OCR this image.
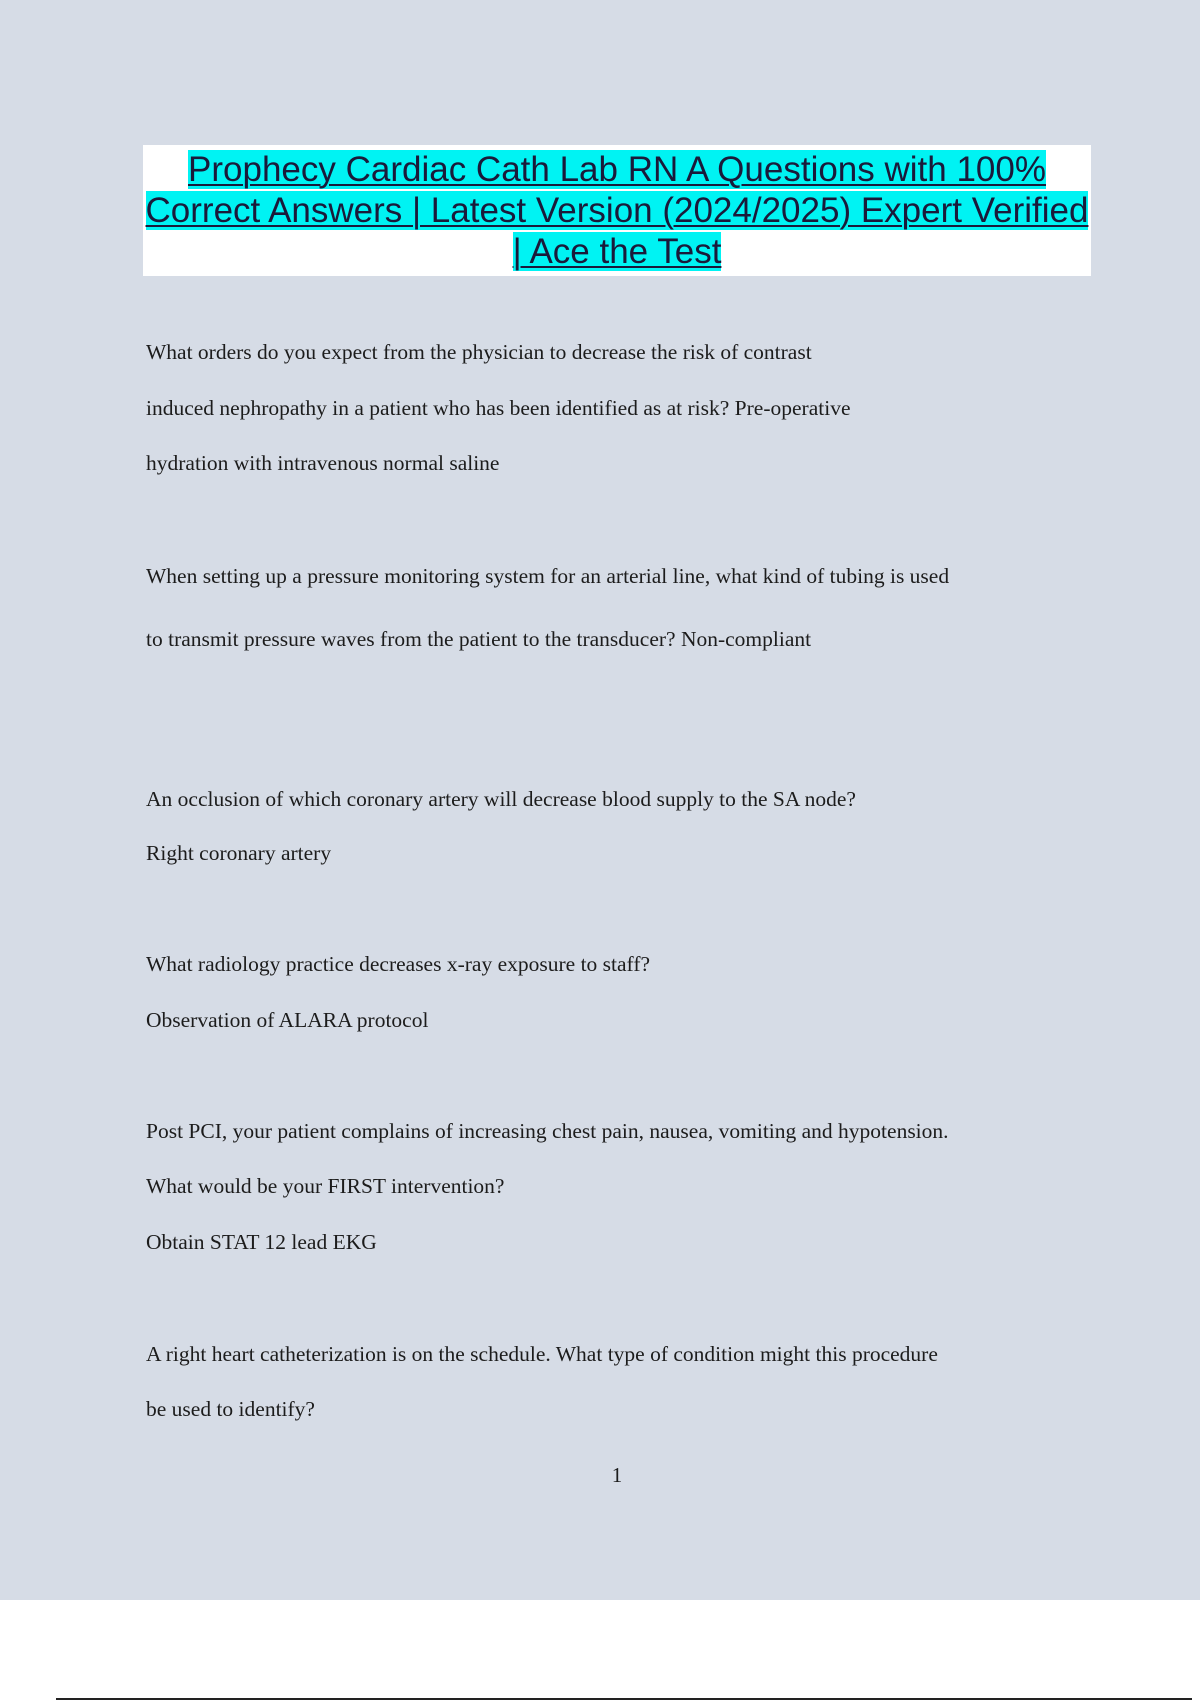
Prophecy Cardiac Cath Lab RN A Questions with 100% Correct Answers | Latest Version (2024/2025) Expert Verified | Ace the Test

What orders do you expect from the physician to decrease the risk of contrast
induced nephropathy in a patient who has been identified as at risk? Pre-operative
hydration with intravenous normal saline
When setting up a pressure monitoring system for an arterial line, what kind of tubing is used
to transmit pressure waves from the patient to the transducer? Non-compliant
An occlusion of which coronary artery will decrease blood supply to the SA node?
Right coronary artery
What radiology practice decreases x-ray exposure to staff?
Observation of ALARA protocol
Post PCI, your patient complains of increasing chest pain, nausea, vomiting and hypotension.
What would be your FIRST intervention?
Obtain STAT 12 lead EKG
A right heart catheterization is on the schedule. What type of condition might this procedure
be used to identify?
1
